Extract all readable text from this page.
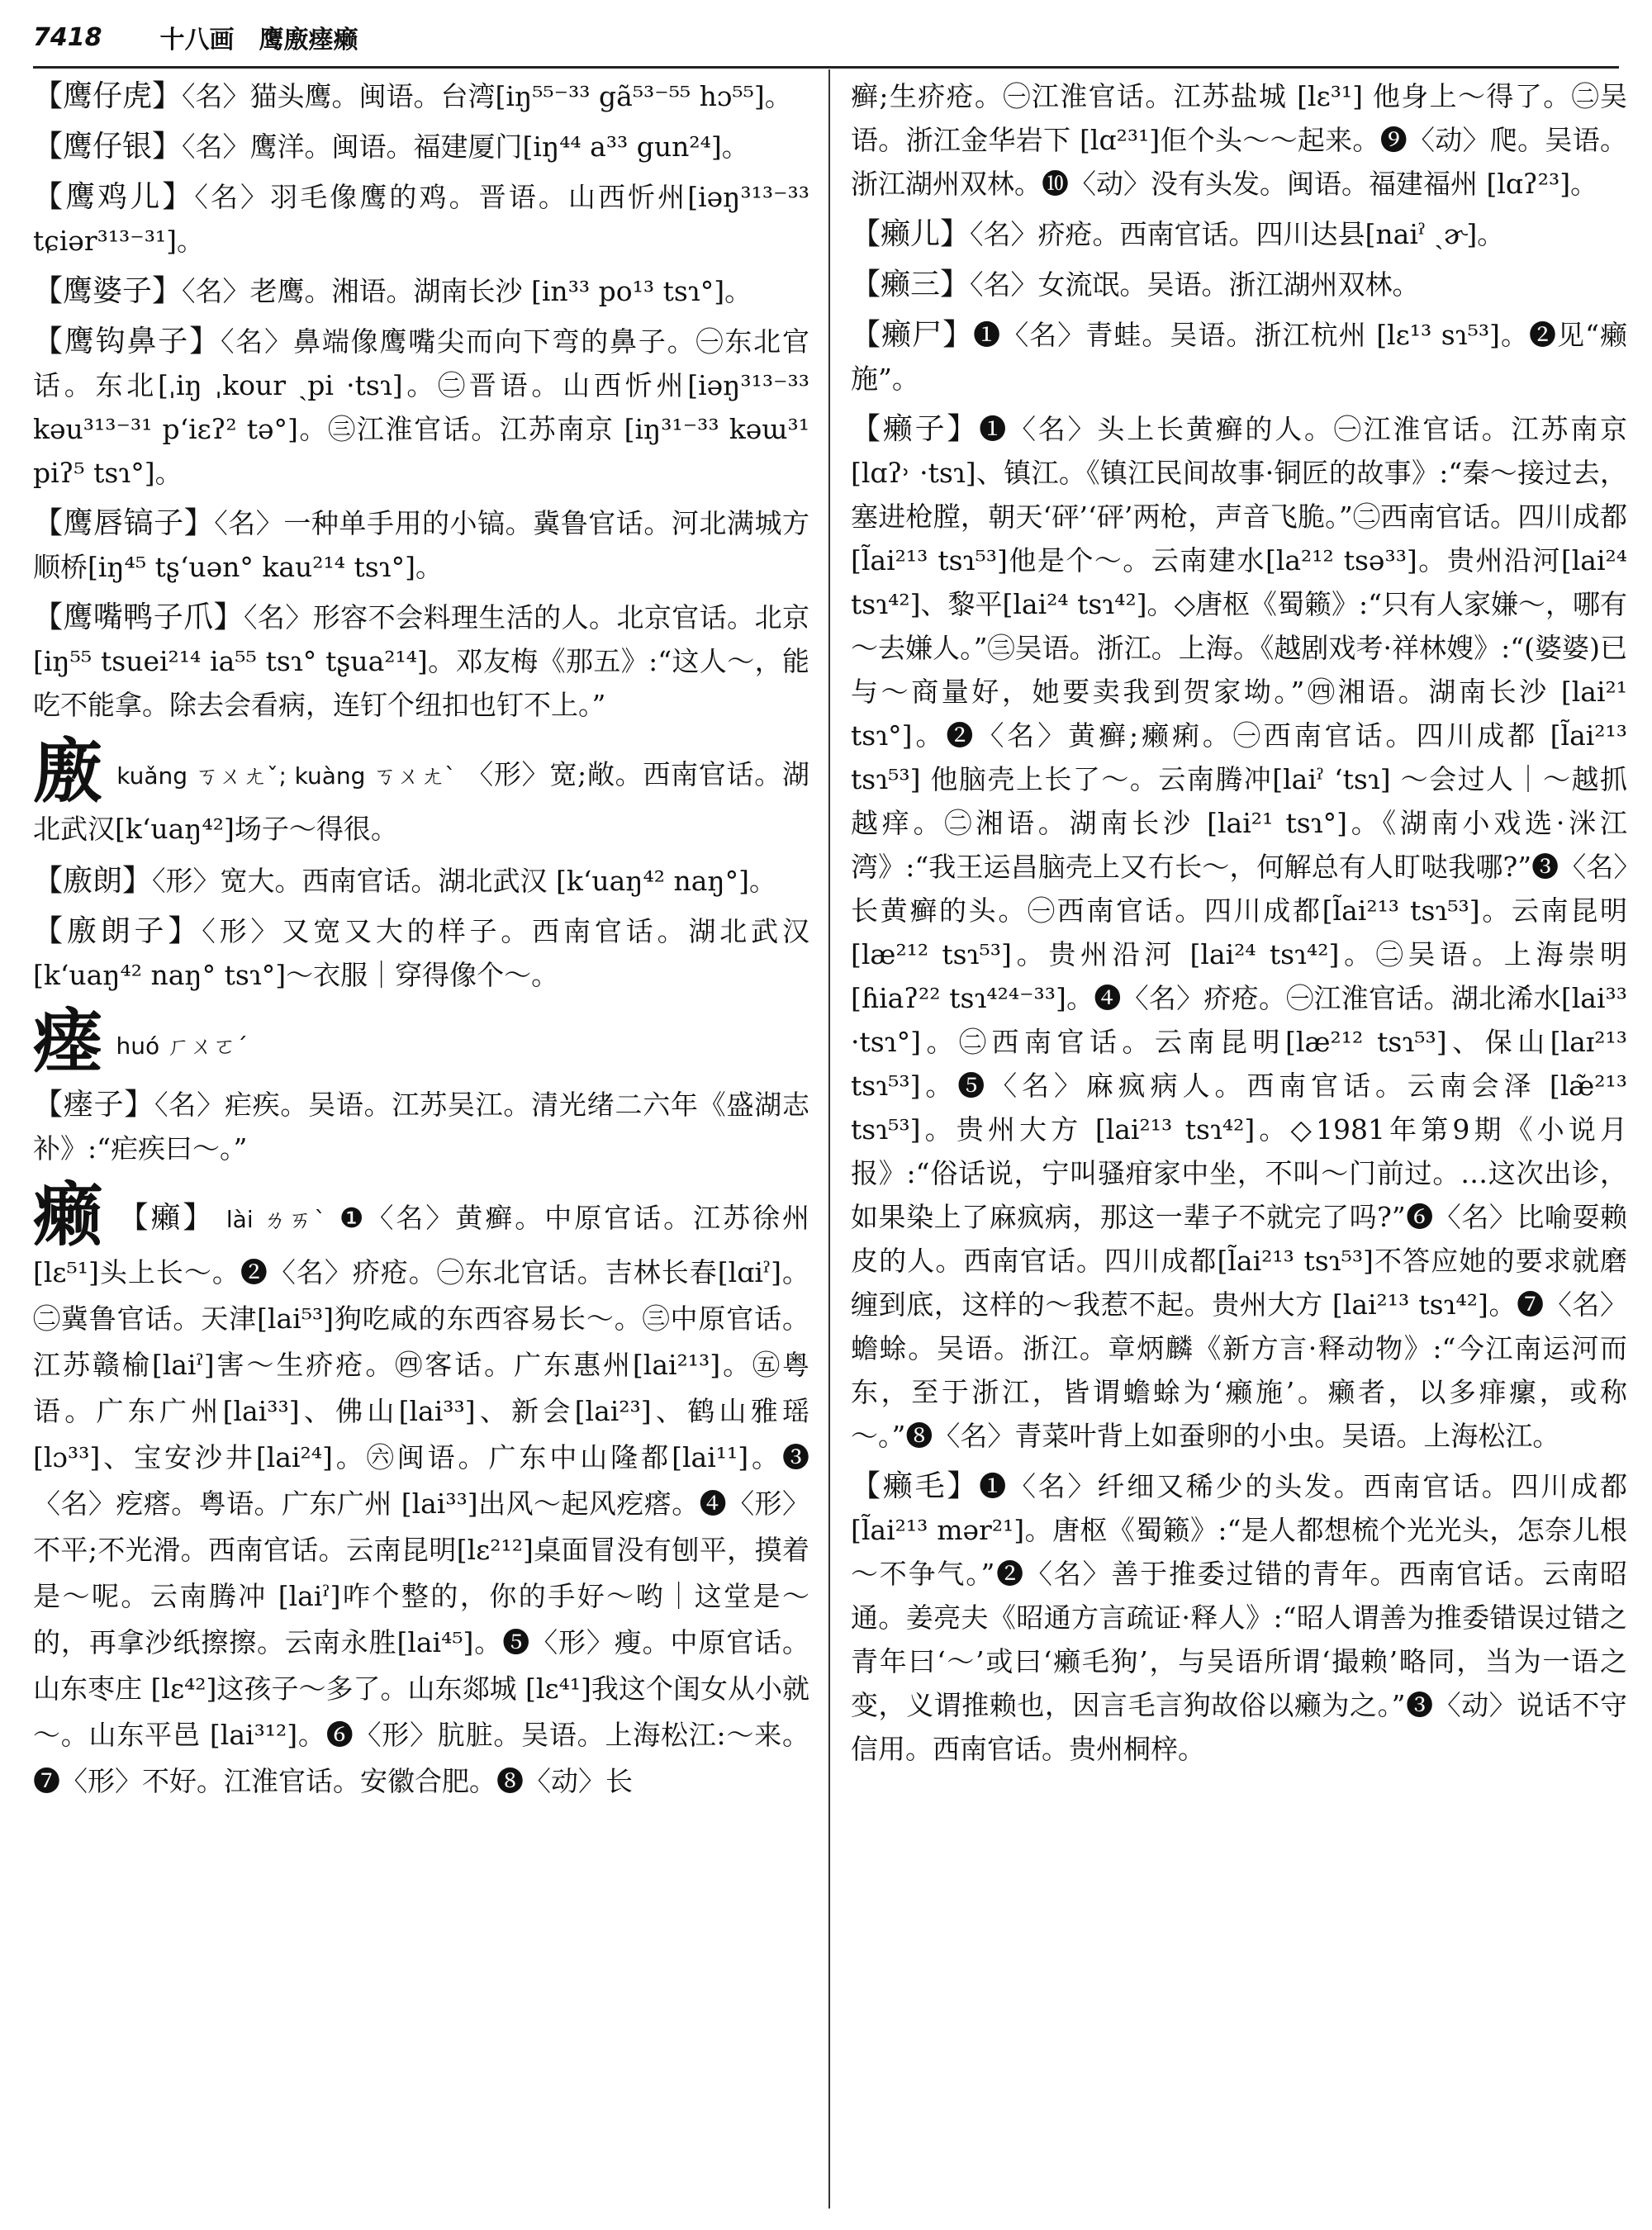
7418 十八画　鹰廒瘗癞

【鹰仔虎】〈名〉猫头鹰。闽语。台湾[iŋ⁵⁵⁻³³ gã⁵³⁻⁵⁵ hɔ⁵⁵]。

【鹰仔银】〈名〉鹰洋。闽语。福建厦门[iŋ⁴⁴ a³³ gun²⁴]。

【鹰鸡儿】〈名〉羽毛像鹰的鸡。晋语。山西忻州[iəŋ³¹³⁻³³ tɕiər³¹³⁻³¹]。

【鹰婆子】〈名〉老鹰。湘语。湖南长沙 [in³³ po¹³ tsɿ°]。

【鹰钩鼻子】〈名〉鼻端像鹰嘴尖而向下弯的鼻子。㊀东北官话。东北[ˌiŋ ˌkour ˏpi ·tsɿ]。㊁晋语。山西忻州[iəŋ³¹³⁻³³ kəu³¹³⁻³¹ pʻiɛʔ² tə°]。㊂江淮官话。江苏南京 [iŋ³¹⁻³³ kəɯ³¹ piʔ⁵ tsɿ°]。

【鹰唇镐子】〈名〉一种单手用的小镐。冀鲁官话。河北满城方顺桥[iŋ⁴⁵ tʂʻuən° kau²¹⁴ tsɿ°]。

【鹰嘴鸭子爪】〈名〉形容不会料理生活的人。北京官话。北京[iŋ⁵⁵ tsuei²¹⁴ ia⁵⁵ tsɿ° tʂua²¹⁴]。邓友梅《那五》:“这人～，能吃不能拿。除去会看病，连钉个纽扣也钉不上。”

廒 kuǎng ㄎㄨㄤˇ; kuàng ㄎㄨㄤˋ 〈形〉宽;敞。西南官话。湖北武汉[kʻuaŋ⁴²]场子～得很。

【廒朗】〈形〉宽大。西南官话。湖北武汉 [kʻuaŋ⁴² naŋ°]。

【廒朗子】〈形〉又宽又大的样子。西南官话。湖北武汉[kʻuaŋ⁴² naŋ° tsɿ°]～衣服｜穿得像个～。

瘗 huó ㄏㄨㄛˊ

【瘗子】〈名〉疟疾。吴语。江苏吴江。清光绪二六年《盛湖志补》:“疟疾曰～。”

癞 【癩】 lài ㄌㄞˋ ❶〈名〉黄癣。中原官话。江苏徐州[lɛ⁵¹]头上长～。❷〈名〉疥疮。㊀东北官话。吉林长春[lɑiˀ]。㊁冀鲁官话。天津[lai⁵³]狗吃咸的东西容易长～。㊂中原官话。江苏赣榆[laiˀ]害～生疥疮。㊃客话。广东惠州[lai²¹³]。㊄粤语。广东广州[lai³³]、佛山[lai³³]、新会[lai²³]、鹤山雅瑶[lɔ³³]、宝安沙井[lai²⁴]。㊅闽语。广东中山隆都[lai¹¹]。❸〈名〉疙瘩。粤语。广东广州 [lai³³]出风～起风疙瘩。❹〈形〉不平;不光滑。西南官话。云南昆明[lɛ²¹²]桌面冒没有刨平，摸着是～呢。云南腾冲 [laiˀ]咋个整的，你的手好～哟｜这堂是～的，再拿沙纸擦擦。云南永胜[lai⁴⁵]。❺〈形〉瘦。中原官话。山东枣庄 [lɛ⁴²]这孩子～多了。山东郯城 [lɛ⁴¹]我这个闺女从小就～。山东平邑 [lai³¹²]。❻〈形〉肮脏。吴语。上海松江:～来。❼〈形〉不好。江淮官话。安徽合肥。❽〈动〉长

癣;生疥疮。㊀江淮官话。江苏盐城 [lɛ³¹] 他身上～得了。㊁吴语。浙江金华岩下 [lɑ²³¹]佢个头～～起来。❾〈动〉爬。吴语。浙江湖州双林。❿〈动〉没有头发。闽语。福建福州 [lɑʔ²³]。

【癞儿】〈名〉疥疮。西南官话。四川达县[naiˀ ˏɚ]。

【癞三】〈名〉女流氓。吴语。浙江湖州双林。

【癞尸】❶〈名〉青蛙。吴语。浙江杭州 [lɛ¹³ sɿ⁵³]。❷见“癞施”。

【癞子】❶〈名〉头上长黄癣的人。㊀江淮官话。江苏南京[lɑʔ˒ ·tsɿ]、镇江。《镇江民间故事·铜匠的故事》:“秦～接过去，塞进枪膛，朝天‘砰’‘砰’两枪，声音飞脆。”㊁西南官话。四川成都[l̃ai²¹³ tsɿ⁵³]他是个～。云南建水[la²¹² tsə³³]。贵州沿河[lai²⁴ tsɿ⁴²]、黎平[lai²⁴ tsɿ⁴²]。◇唐枢《蜀籁》:“只有人家嫌～，哪有～去嫌人。”㊂吴语。浙江。上海。《越剧戏考·祥林嫂》:“(婆婆)已与～商量好，她要卖我到贺家坳。”㊃湘语。湖南长沙 [lai²¹ tsɿ°]。❷〈名〉黄癣;癞痢。㊀西南官话。四川成都 [l̃ai²¹³ tsɿ⁵³] 他脑壳上长了～。云南腾冲[laiˀ ʻtsɿ] ～会过人｜～越抓越痒。㊁湘语。湖南长沙 [lai²¹ tsɿ°]。《湖南小戏选·洣江湾》:“我王运昌脑壳上又冇长～，何解总有人盯哒我哪?”❸〈名〉长黄癣的头。㊀西南官话。四川成都[l̃ai²¹³ tsɿ⁵³]。云南昆明[læ²¹² tsɿ⁵³]。贵州沿河 [lai²⁴ tsɿ⁴²]。㊁吴语。上海崇明 [ɦiaʔ²² tsɿ⁴²⁴⁻³³]。❹〈名〉疥疮。㊀江淮官话。湖北浠水[lai³³ ·tsɿ°]。㊁西南官话。云南昆明[læ²¹² tsɿ⁵³]、保山[laɪ²¹³ tsɿ⁵³]。❺〈名〉麻疯病人。西南官话。云南会泽 [læ̃²¹³ tsɿ⁵³]。贵州大方 [lai²¹³ tsɿ⁴²]。◇1981年第9期《小说月报》:“俗话说，宁叫骚疳家中坐，不叫～门前过。…这次出诊，如果染上了麻疯病，那这一辈子不就完了吗?”❻〈名〉比喻耍赖皮的人。西南官话。四川成都[l̃ai²¹³ tsɿ⁵³]不答应她的要求就磨缠到底，这样的～我惹不起。贵州大方 [lai²¹³ tsɿ⁴²]。❼〈名〉蟾蜍。吴语。浙江。章炳麟《新方言·释动物》:“今江南运河而东，至于浙江，皆谓蟾蜍为‘癞施’。癞者，以多痱瘰，或称～。”❽〈名〉青菜叶背上如蚕卵的小虫。吴语。上海松江。

【癞毛】❶〈名〉纤细又稀少的头发。西南官话。四川成都[l̃ai²¹³ mər²¹]。唐枢《蜀籁》:“是人都想梳个光光头，怎奈儿根～不争气。”❷〈名〉善于推委过错的青年。西南官话。云南昭通。姜亮夫《昭通方言疏证·释人》:“昭人谓善为推委错误过错之青年曰‘～’或曰‘癞毛狗’，与吴语所谓‘撮赖’略同，当为一语之变，义谓推赖也，因言毛言狗故俗以癞为之。”❸〈动〉说话不守信用。西南官话。贵州桐梓。
